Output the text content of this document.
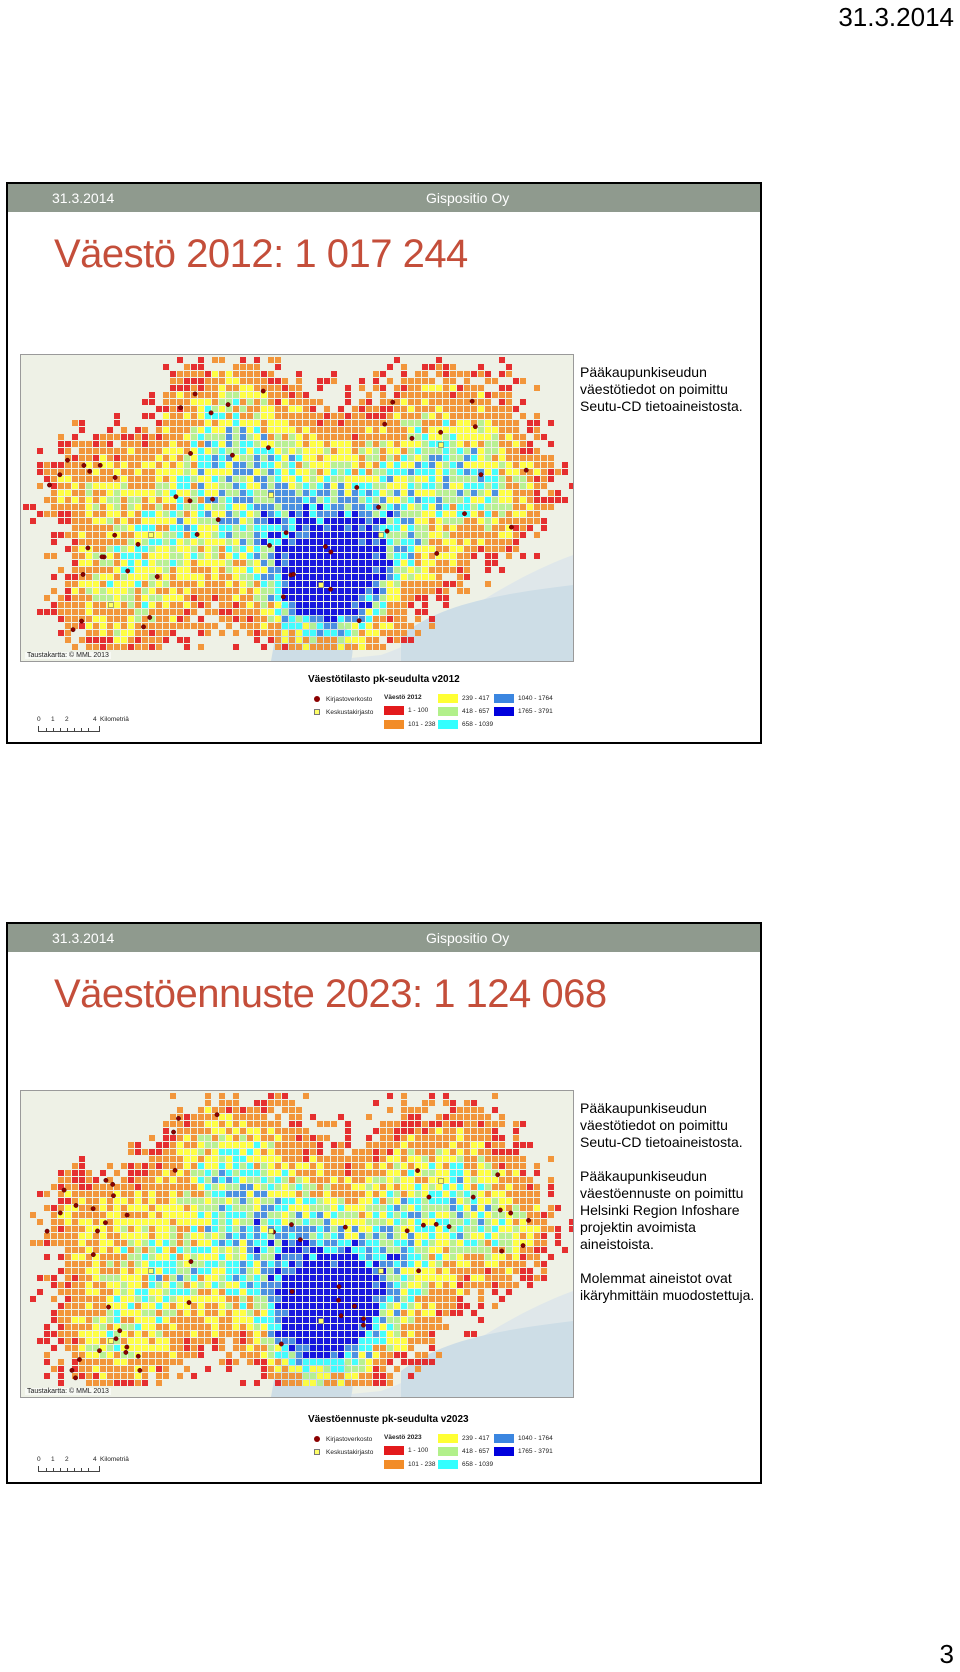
31.3.2014
31.3.2014	Gispositio Oy
Väestö 2012: 1 017 244
Taustakartta: © MML 2013

Pääkaupunkiseudun väestötiedot on poimittu Seutu-CD tietoaineistosta.

Väestötilasto pk-seudulta v2012
Kirjastoverkosto
Keskustakirjasto
Väestö 2012
1 - 100
101 - 238
239 - 417
418 - 657
658 - 1039
1040 - 1764
1765 - 3791
0 1 2	4 Kilometriä
31.3.2014	Gispositio Oy
Väestöennuste 2023: 1 124 068
Taustakartta: © MML 2013

Pääkaupunkiseudun väestötiedot on poimittu Seutu-CD tietoaineistosta.

Pääkaupunkiseudun väestöennuste on poimittu Helsinki Region Infoshare projektin avoimista aineistoista.

Molemmat aineistot ovat ikäryhmittäin muodostettuja.

Väestöennuste pk-seudulta v2023
Kirjastoverkosto
Keskustakirjasto
Väestö 2023
1 - 100
101 - 238
239 - 417
418 - 657
658 - 1039
1040 - 1764
1765 - 3791
0 1 2	4 Kilometriä
3
